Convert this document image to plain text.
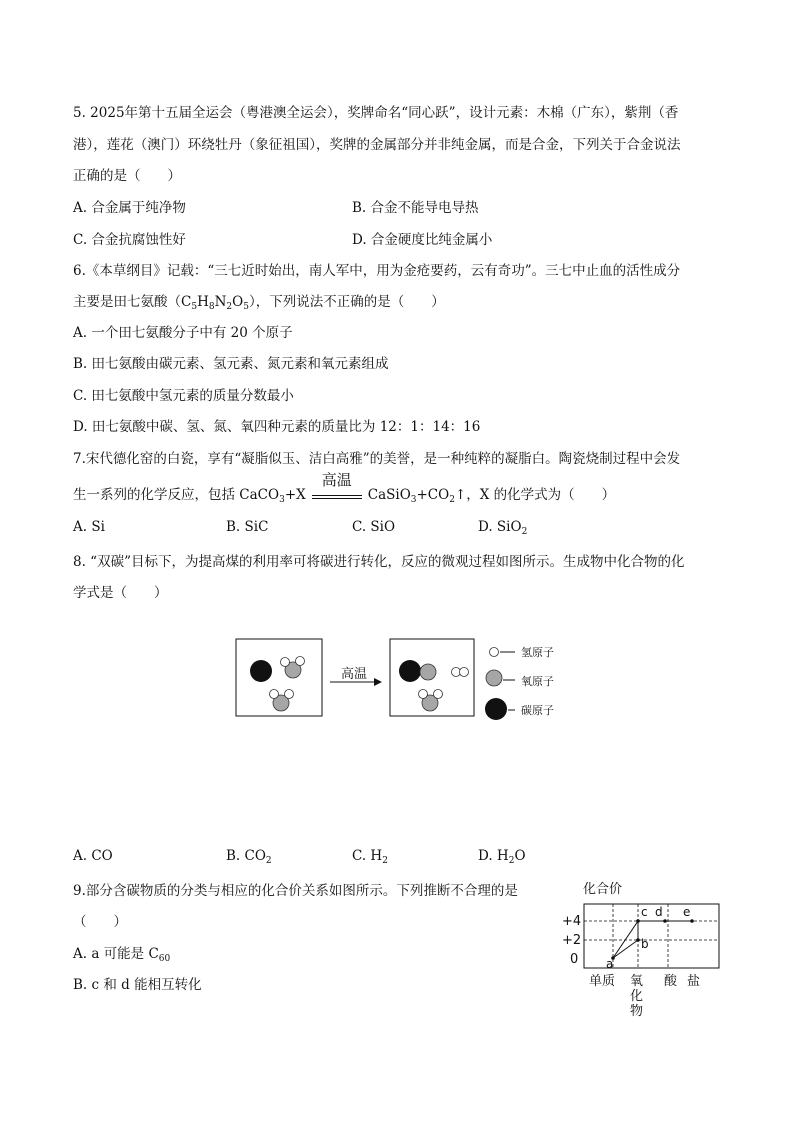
5. 2025年第十五届全运会（粤港澳全运会），奖牌命名“同心跃”，设计元素：木棉（广东），紫荆（香
港），莲花（澳门）环绕牡丹（象征祖国），奖牌的金属部分并非纯金属，而是合金，下列关于合金说法
正确的是（　　）
A. 合金属于纯净物	B. 合金不能导电导热
C. 合金抗腐蚀性好	D. 合金硬度比纯金属小
6.《本草纲目》记载：“三七近时始出，南人军中，用为金疮要药，云有奇功”。三七中止血的活性成分
主要是田七氨酸$(C_5H_8N_2O_5)$，下列说法不正确的是（　　）
A. 一个田七氨酸分子中有 20 个原子
B. 田七氨酸由碳元素、氢元素、氮元素和氧元素组成
C. 田七氨酸中氢元素的质量分数最小
D. 田七氨酸中碳、氢、氮、氧四种元素的质量比为 12：1：14：16
7.宋代德化窑的白瓷，享有“凝脂似玉、洁白高雅”的美誉，是一种纯粹的凝脂白。陶瓷烧制过程中会发
生一系列的化学反应，包括 CaCO$_3$+X
高温
$CaSiO_3+CO_2↑$，X 的化学式为（　　）
A. Si	B. SiC	C. SiO	D. SiO$_2$
8. “双碳”目标下，为提高煤的利用率可将碳进行转化，反应的微观过程如图所示。生成物中化合物的化
学式是（　　）
高温
氢原子
氧原子
碳原子
A. CO	B. $CO_2$	C. $H_2$	D. $H_2O$
9.部分含碳物质的分类与相应的化合价关系如图所示。下列推断不合理的是
（　　）
A. a 可能是 $C_{60}$
B. c 和 d 能相互转化
化合价
+4
+2
0 a
b
c d e
单质 氧
化
物
酸 盐
